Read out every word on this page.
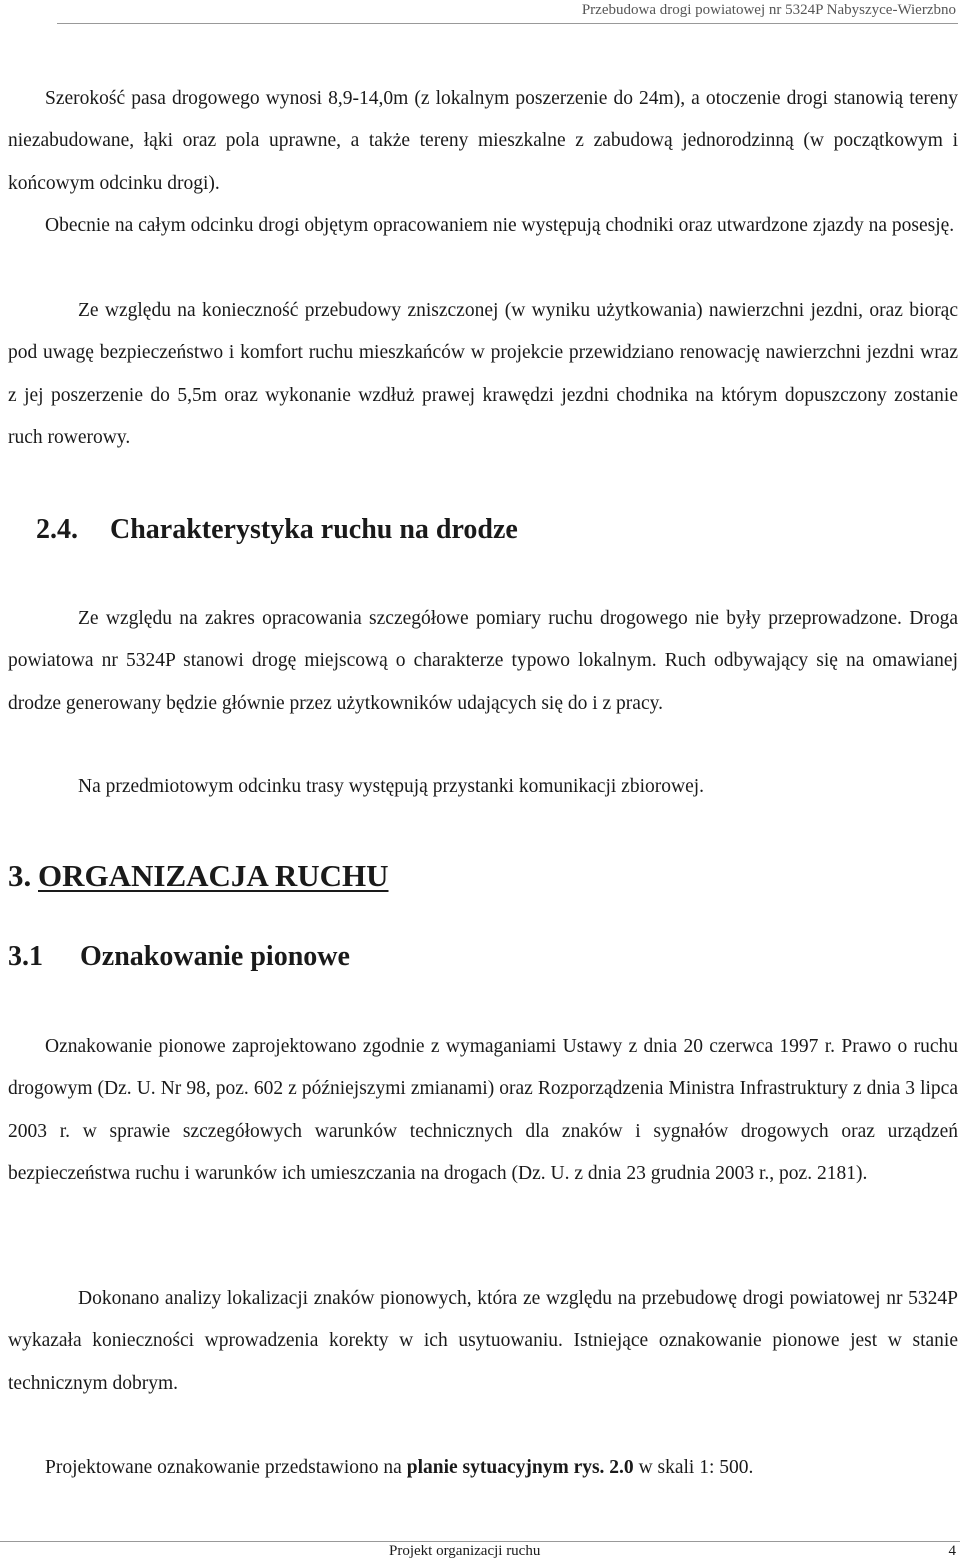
Przebudowa drogi powiatowej nr 5324P Nabyszyce-Wierzbno

Szerokość pasa drogowego wynosi 8,9-14,0m (z lokalnym poszerzenie do 24m), a otoczenie drogi stanowią tereny niezabudowane, łąki oraz pola uprawne, a także tereny mieszkalne z zabudową jednorodzinną (w początkowym i końcowym odcinku drogi).

Obecnie na całym odcinku drogi objętym opracowaniem nie występują chodniki oraz utwardzone zjazdy na posesję.

Ze względu na konieczność przebudowy zniszczonej (w wyniku użytkowania) nawierzchni jezdni, oraz biorąc pod uwagę bezpieczeństwo i komfort ruchu mieszkańców w projekcie przewidziano renowację nawierzchni jezdni wraz z jej poszerzenie do 5,5m oraz wykonanie wzdłuż prawej krawędzi jezdni chodnika na którym dopuszczony zostanie ruch rowerowy.

2.4. Charakterystyka ruchu na drodze

Ze względu na zakres opracowania szczegółowe pomiary ruchu drogowego nie były przeprowadzone. Droga powiatowa nr 5324P stanowi drogę miejscową o charakterze typowo lokalnym. Ruch odbywający się na omawianej drodze generowany będzie głównie przez użytkowników udających się do i z pracy.

Na przedmiotowym odcinku trasy występują przystanki komunikacji zbiorowej.

3. ORGANIZACJA RUCHU
3.1 Oznakowanie pionowe

Oznakowanie pionowe zaprojektowano zgodnie z wymaganiami Ustawy z dnia 20 czerwca 1997 r. Prawo o ruchu drogowym (Dz. U. Nr 98, poz. 602 z późniejszymi zmianami) oraz Rozporządzenia Ministra Infrastruktury z dnia 3 lipca 2003 r. w sprawie szczegółowych warunków technicznych dla znaków i sygnałów drogowych oraz urządzeń bezpieczeństwa ruchu i warunków ich umieszczania na drogach (Dz. U. z dnia 23 grudnia 2003 r., poz. 2181).

Dokonano analizy lokalizacji znaków pionowych, która ze względu na przebudowę drogi powiatowej nr 5324P wykazała konieczności wprowadzenia korekty w ich usytuowaniu. Istniejące oznakowanie pionowe jest w stanie technicznym dobrym.

Projektowane oznakowanie przedstawiono na planie sytuacyjnym rys. 2.0 w skali 1: 500.

Projekt organizacji ruchu	4
